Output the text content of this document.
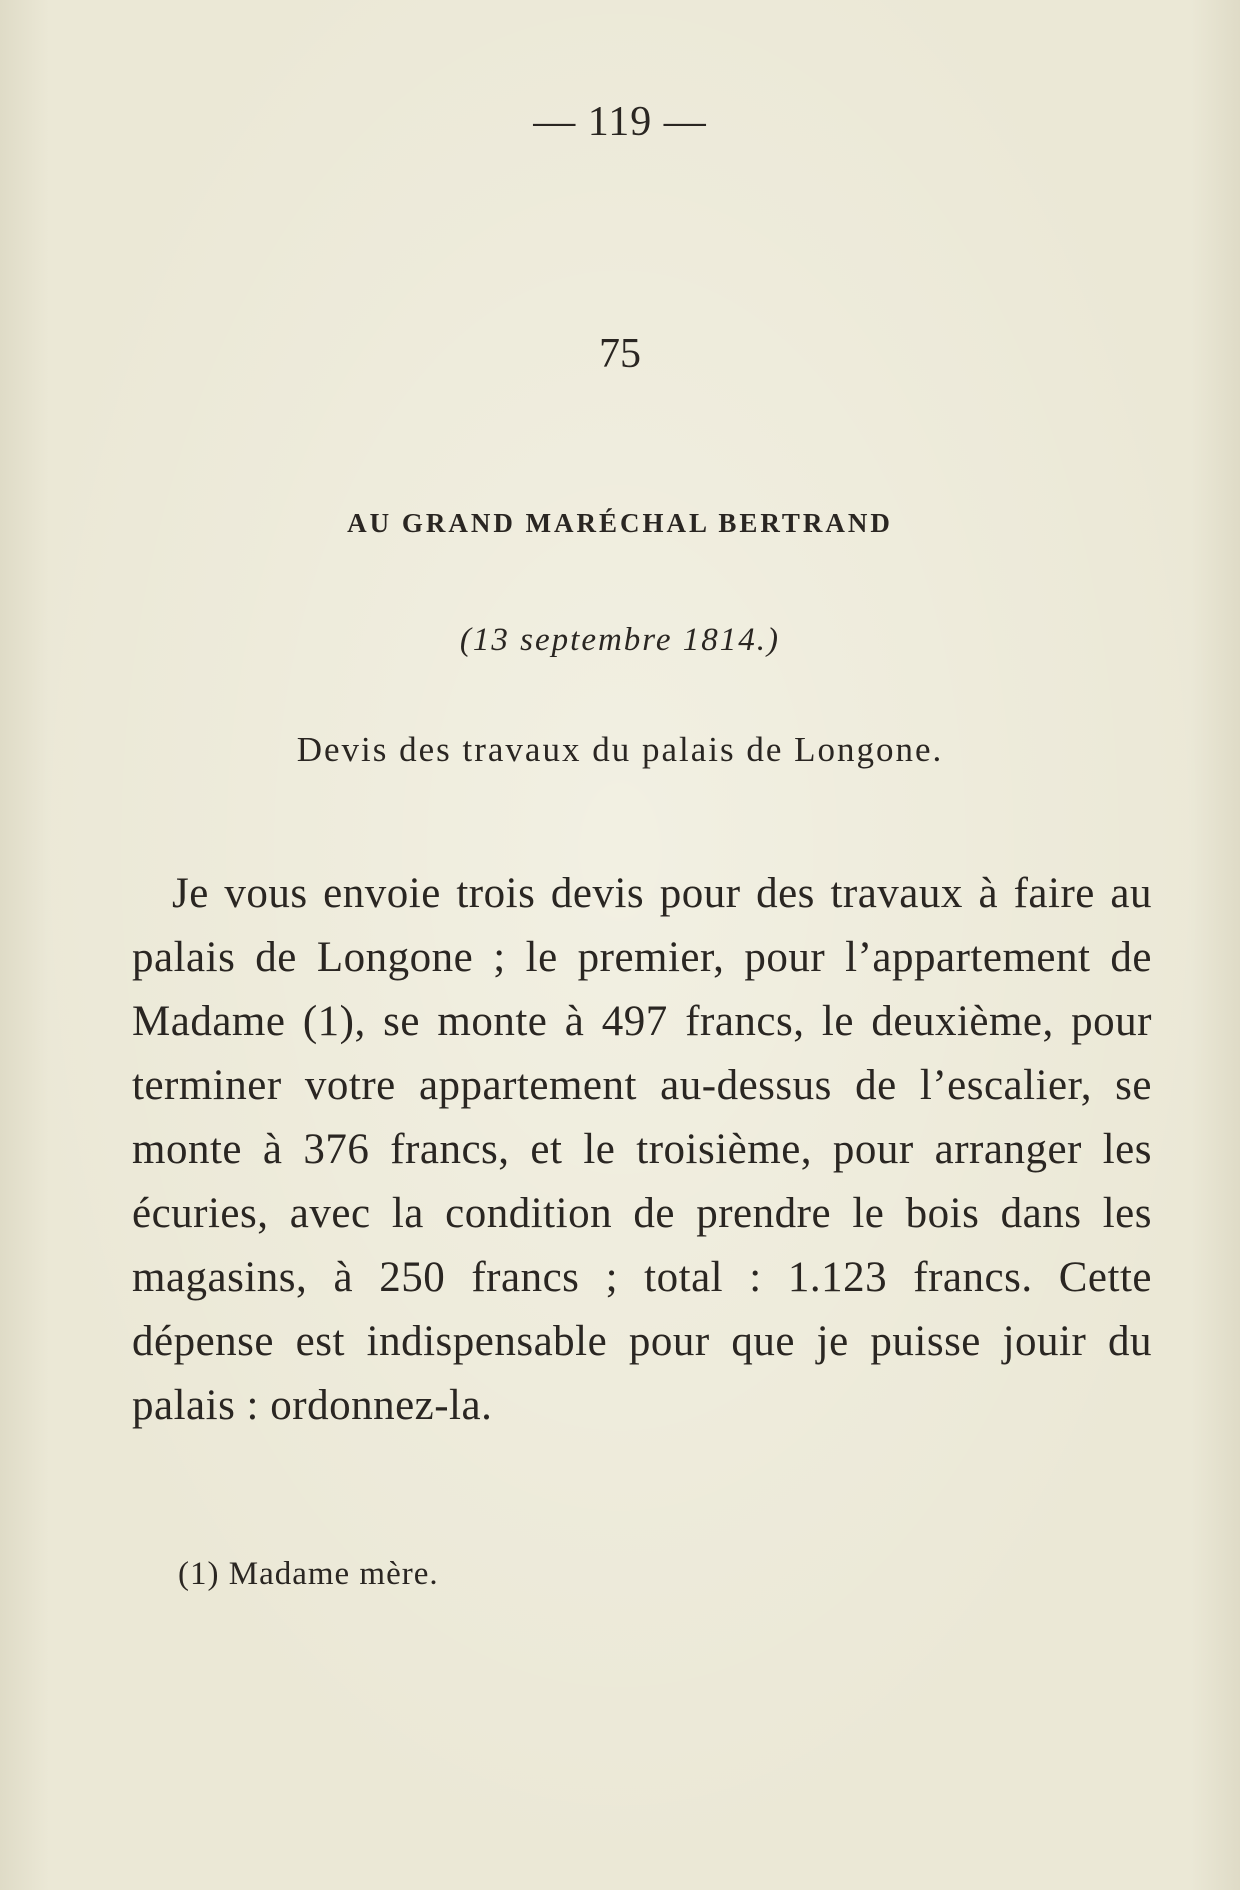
— 119 —
75
AU GRAND MARÉCHAL BERTRAND
(13 septembre 1814.)
Devis des travaux du palais de Longone.

Je vous envoie trois devis pour des travaux à faire au palais de Longone ; le premier, pour l’appartement de Madame (1), se monte à 497 francs, le deuxième, pour terminer votre appartement au-dessus de l’escalier, se monte à 376 francs, et le troisième, pour arranger les écuries, avec la condition de prendre le bois dans les magasins, à 250 francs ; total : 1.123 francs. Cette dépense est indispensable pour que je puisse jouir du palais : ordonnez-la.

(1) Madame mère.
